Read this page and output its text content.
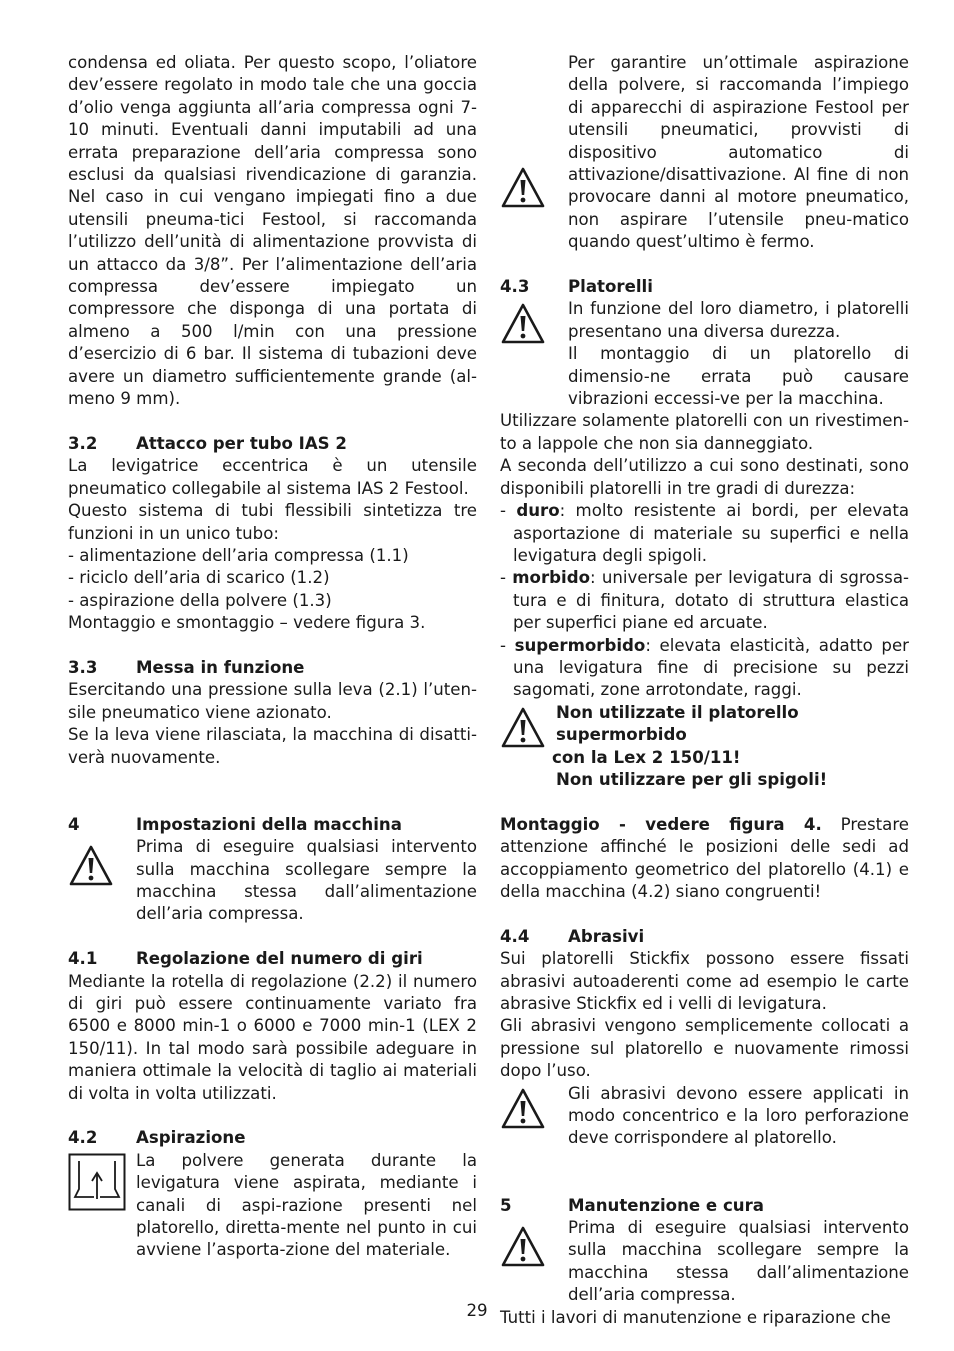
condensa ed oliata. Per questo scopo, l’oliatore dev’essere regolato in modo tale che una goccia d’olio venga aggiunta all’aria compressa ogni 7-10 minuti. Eventuali danni imputabili ad una errata preparazione dell’aria compressa sono esclusi da qualsiasi rivendicazione di garanzia. Nel caso in cui vengano impiegati fino a due utensili pneuma-tici Festool, si raccomanda l’utilizzo dell’unità di alimentazione provvista di un attacco da 3/8”. Per l’alimentazione dell’aria compressa dev’essere impiegato un compressore che disponga di una portata di almeno a 500 l/min con una pressione d’esercizio di 6 bar. Il sistema di tubazioni deve avere un diametro sufficientemente grande (al-meno 9 mm).

3.2 Attacco per tubo IAS 2

La levigatrice eccentrica è un utensile pneumatico collegabile al sistema IAS 2 Festool.

Questo sistema di tubi flessibili sintetizza tre funzioni in un unico tubo:

- alimentazione dell’aria compressa (1.1)

- riciclo dell’aria di scarico (1.2)

- aspirazione della polvere (1.3)

Montaggio e smontaggio – vedere figura 3.

3.3 Messa in funzione

Esercitando una pressione sulla leva (2.1) l’uten-sile pneumatico viene azionato.

Se la leva viene rilasciata, la macchina di disatti-verà nuovamente.

4	Impostazioni della macchina

Prima di eseguire qualsiasi intervento sulla macchina scollegare sempre la macchina stessa dall’alimentazione dell’aria compressa.

4.1 Regolazione del numero di giri

Mediante la rotella di regolazione (2.2) il numero di giri può essere continuamente variato fra 6500 e 8000 min-1 o 6000 e 7000 min-1 (LEX 2 150/11). In tal modo sarà possibile adeguare in maniera ottimale la velocità di taglio ai materiali di volta in volta utilizzati.

4.2 Aspirazione

La polvere generata durante la levigatura viene aspirata, mediante i canali di aspi-razione presenti nel platorello, diretta-mente nel punto in cui avviene l’asporta-zione del materiale.

Per garantire un’ottimale aspirazione della polvere, si raccomanda l’impiego di apparecchi di aspirazione Festool per utensili pneumatici, provvisti di dispositivo automatico di attivazione/disattivazione. Al fine di non provocare danni al motore pneumatico, non aspirare l’utensile pneu-matico quando quest’ultimo è fermo.

4.3 Platorelli

In funzione del loro diametro, i platorelli presentano una diversa durezza.

Il montaggio di un platorello di dimensio-ne errata può causare vibrazioni eccessi-ve per la macchina.

Utilizzare solamente platorelli con un rivestimen-to a lappole che non sia danneggiato.

A seconda dell’utilizzo a cui sono destinati, sono disponibili platorelli in tre gradi di durezza:

- duro: molto resistente ai bordi, per elevata asportazione di materiale su superfici e nella levigatura degli spigoli.

- morbido: universale per levigatura di sgrossa-tura e di finitura, dotato di struttura elastica per superfici piane ed arcuate.

- supermorbido: elevata elasticità, adatto per una levigatura fine di precisione su pezzi sagomati, zone arrotondate, raggi.

Non utilizzate il platorello supermorbido

con la Lex 2 150/11!

Non utilizzare per gli spigoli!

Montaggio - vedere figura 4. Prestare attenzione affinché le posizioni delle sedi ad accoppiamento geometrico del platorello (4.1) e della macchina (4.2) siano congruenti!

4.4 Abrasivi

Sui platorelli Stickfix possono essere fissati abrasivi autoaderenti come ad esempio le carte abrasive Stickfix ed i velli di levigatura.

Gli abrasivi vengono semplicemente collocati a pressione sul platorello e nuovamente rimossi dopo l’uso.

Gli abrasivi devono essere applicati in modo concentrico e la loro perforazione deve corrispondere al platorello.

5	Manutenzione e cura

Prima di eseguire qualsiasi intervento sulla macchina scollegare sempre la macchina stessa dall’alimentazione dell’aria compressa.

Tutti i lavori di manutenzione e riparazione che

29
